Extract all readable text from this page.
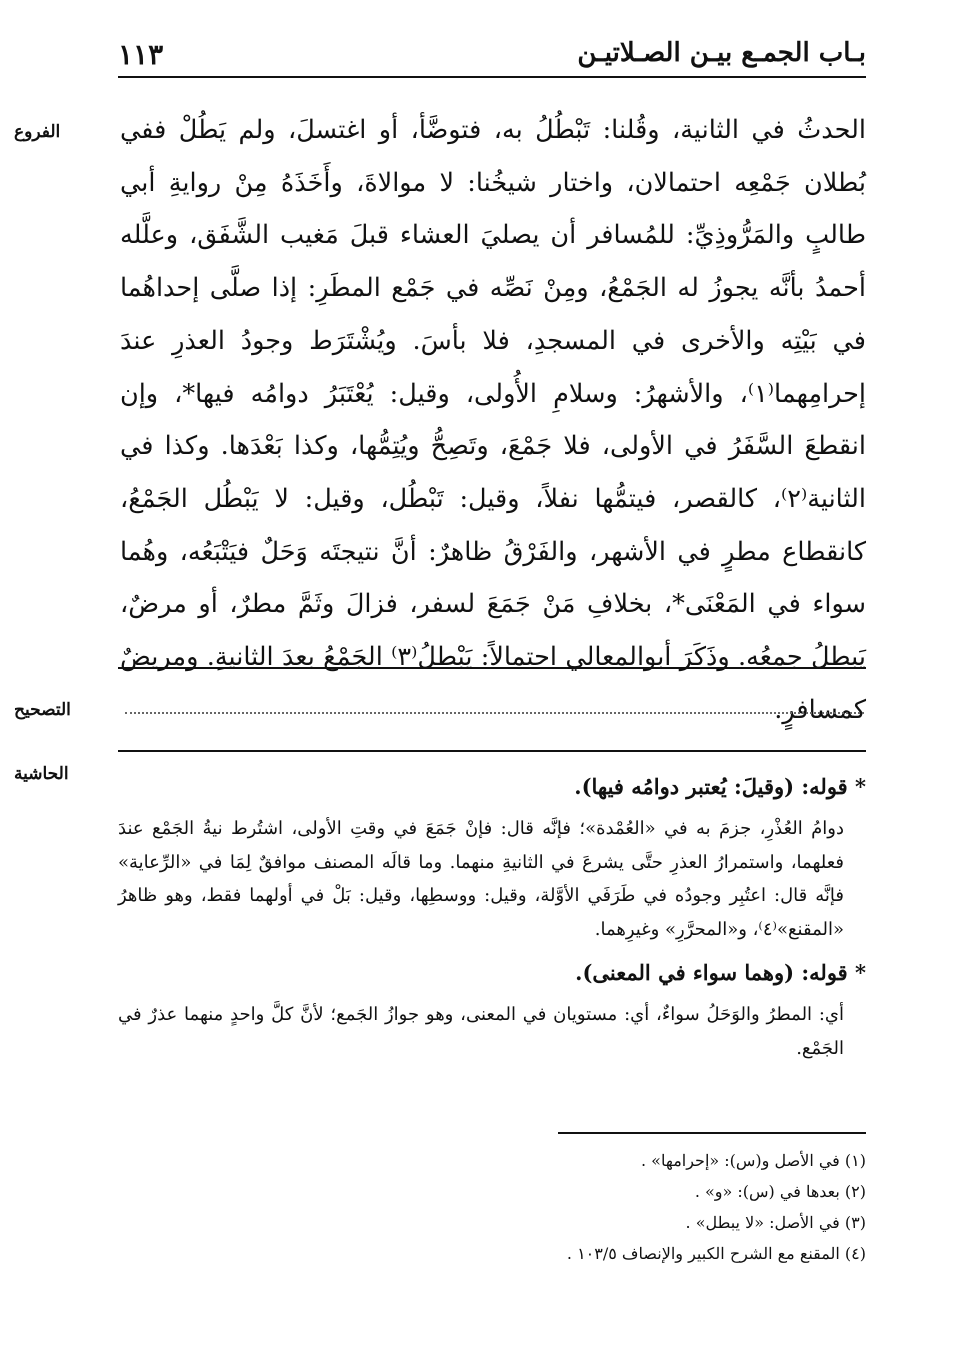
بـاب الجمـع بيـن الصـلاتيـن
١١٣
الفروع	الحدثُ في الثانية، وقُلنا: تَبْطُلُ به، فتوضَّأ، أو اغتسلَ، ولم يَطُلْ ففي بُطلان جَمْعِه احتمالان، واختار شيخُنا: لا موالاةَ، وأَخَذَهُ مِنْ روايةِ أبي طالبٍ والمَرُّوذِيِّ: للمُسافر أن يصليَ العشاء قبلَ مَغيب الشَّفَق، وعلَّله أحمدُ بأنَّه يجوزُ له الجَمْعُ، ومِنْ نَصِّه في جَمْع المطَرِ: إذا صلَّى إحداهُما في بَيْتِه والأخرى في المسجدِ، فلا بأسَ. ويُشْتَرَط وجودُ العذرِ عندَ إحرامِهما⁽١⁾، والأشهرُ: وسلامِ الأُولى، وقيل: يُعْتَبَرُ دوامُه فيها*، وإن انقطعَ السَّفَرُ في الأولى، فلا جَمْعَ، وتَصِحُّ ويُتِمُّها، وكذا بَعْدَها. وكذا في الثانية⁽٢⁾، كالقصر، فيتمُّها نفلاً، وقيل: تَبْطُل، وقيل: لا يَبْطُل الجَمْعُ، كانقطاع مطرٍ في الأشهر، والفَرْقُ ظاهرٌ: أنَّ نتيجتَه وَحَلٌ فيَتْبَعُه، وهُما سواء في المَعْنَى*، بخلافِ مَنْ جَمَعَ لسفر، فزالَ وثَمَّ مطرٌ، أو مرضٌ، يَبطلُ جمعُه. وذَكَرَ أبوالمعالي احتمالاً: يَبْطلُ⁽٣⁾ الجَمْعُ بعدَ الثانيةِ. ومريضٌ كمسافرٍ.

التصحيح
الحاشية	* قوله: (وقيلَ: يُعتبر دوامُه فيها).

دوامُ العُذْرِ، جزمَ به في «العُمْدة»؛ فإنَّه قال: فإنْ جَمَعَ في وقتِ الأولى، اشتُرط نيةُ الجَمْع عندَ فعلهما، واستمرارُ العذرِ حتَّى يشرعَ في الثانيةِ منهما. وما قالَه المصنف موافقٌ لِمَا في «الرِّعاية» فإنَّه قال: اعتُبِر وجودُه في طَرَفَي الأوَّلة، وقيل: ووسطِها، وقيل: بَلْ في أولهما فقط، وهو ظاهرُ «المقنع»⁽٤⁾، و«المحرَّرِ» وغيرِهما.

* قوله: (وهما سواء في المعنى).

أي: المطرُ والوَحَلُ سواءٌ، أي: مستويان في المعنى، وهو جوازُ الجَمع؛ لأنَّ كلَّ واحدٍ منهما عذرٌ في الجَمْع.

(١) في الأصل و(س): «إحرامها» .
(٢) بعدها في (س): «و» .
(٣) في الأصل: «لا يبطل» .
(٤) المقنع مع الشرح الكبير والإنصاف ١٠٣/٥ .
